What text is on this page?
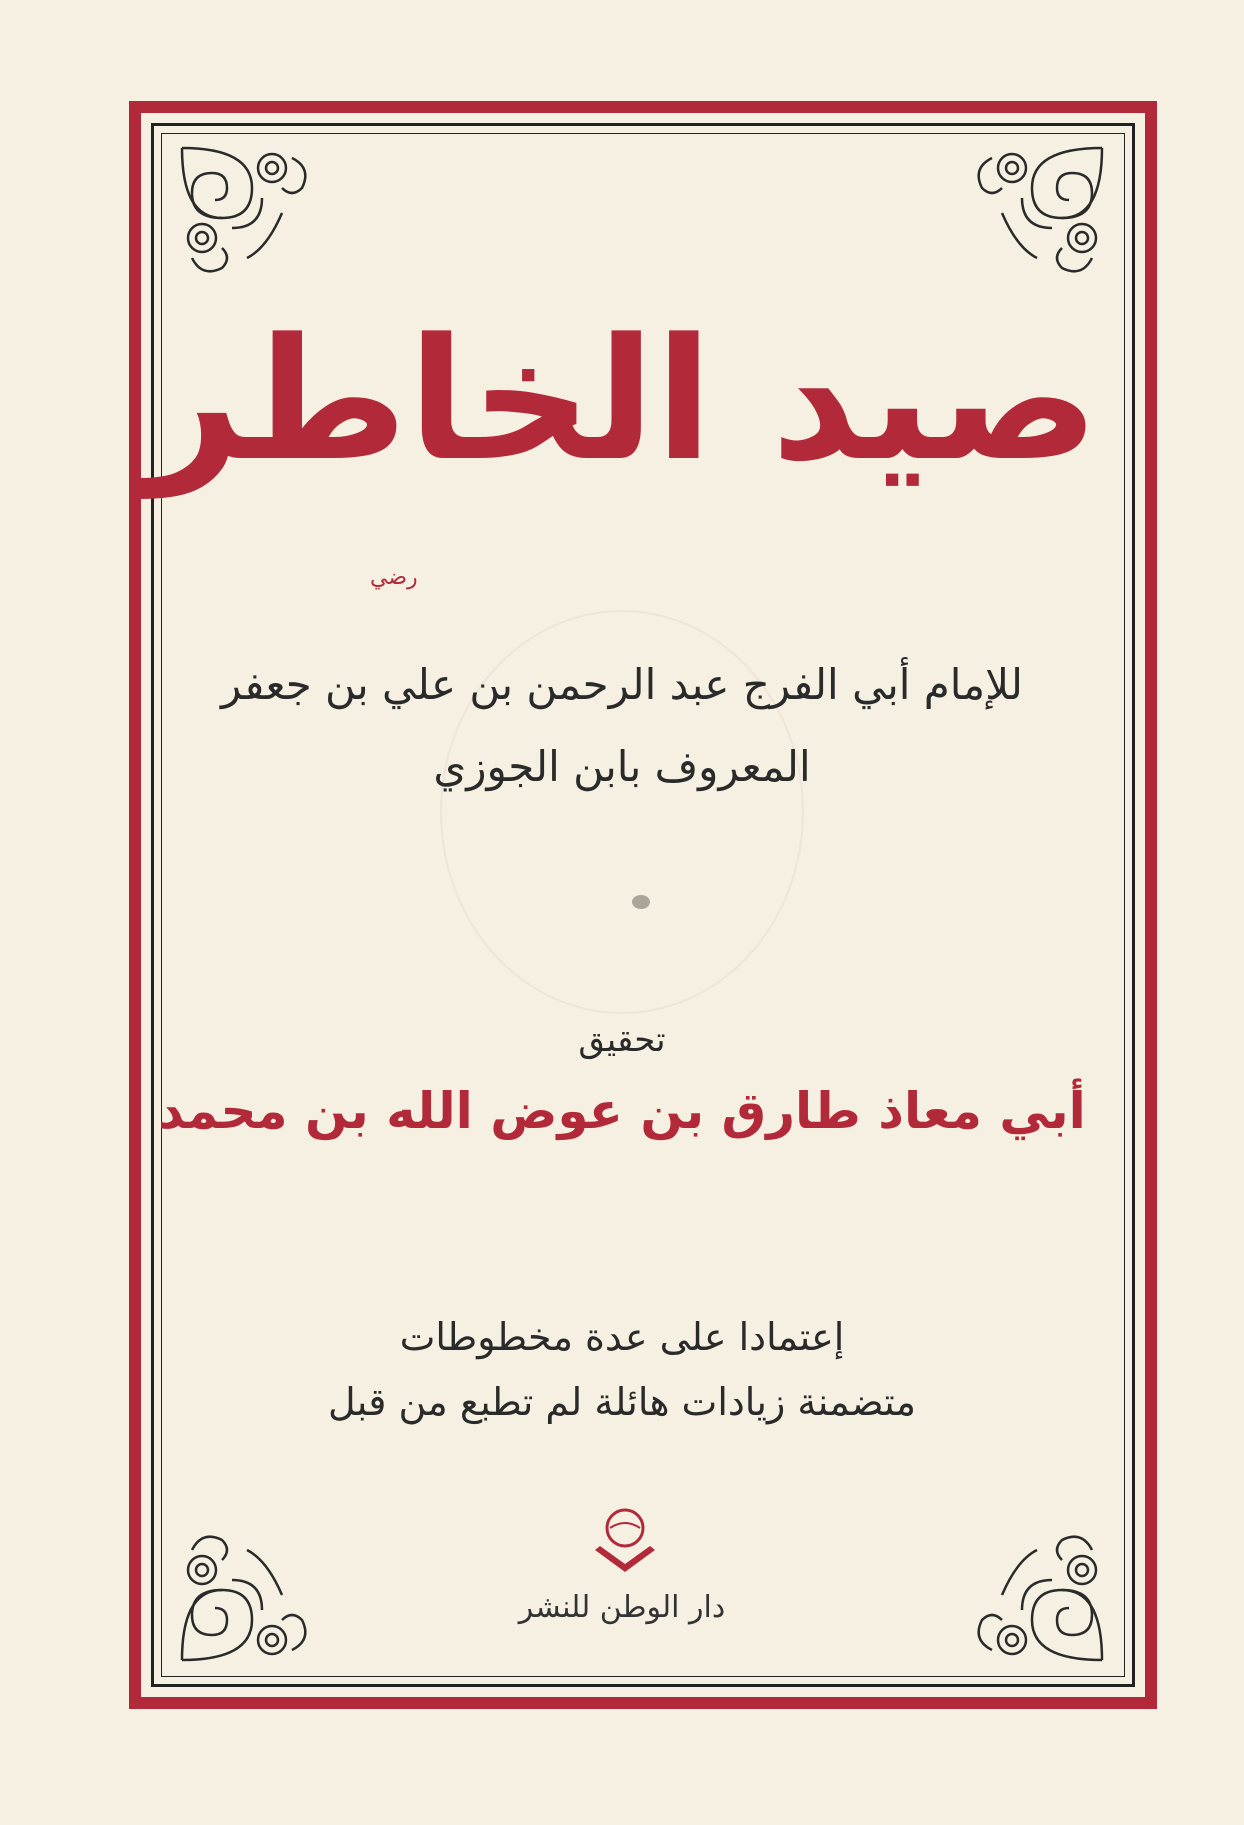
صيد الخاطر
رضي
للإمام أبي الفرج عبد الرحمن بن علي بن جعفر
المعروف بابن الجوزي
تحقيق
أبي معاذ طارق بن عوض الله بن محمد
إعتمادا على عدة مخطوطات
متضمنة زيادات هائلة لم تطبع من قبل
دار الوطن للنشر
